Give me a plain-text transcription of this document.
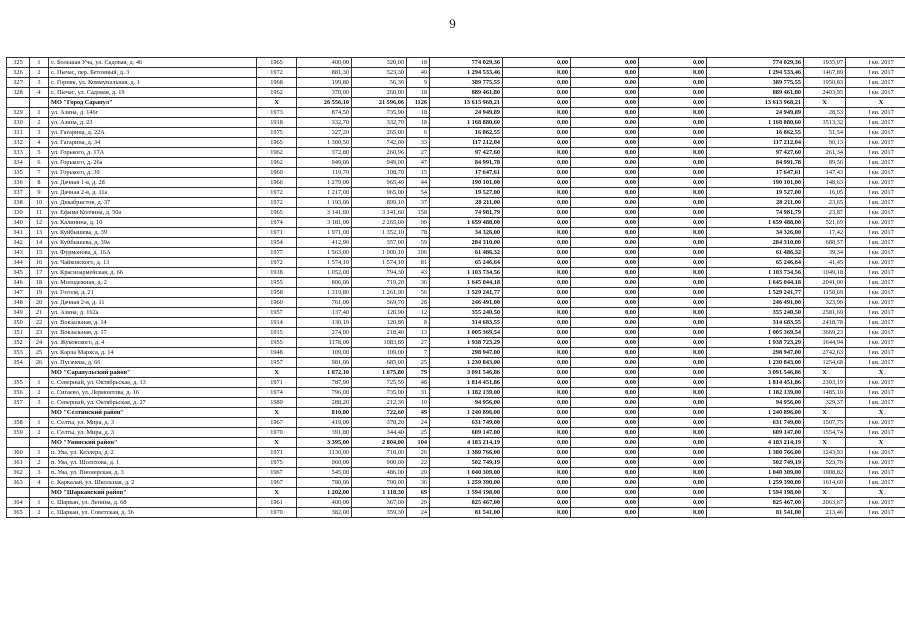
9
325	1	с. Большая Уча, ул. Садовая, д. 46	1965	400,00	320,00	18	774 029,36	0,00	0,00	0,00	774 029,36	1935,07	I кв. 2017
326	2	с. Пычас, пер. Бетонный, д. 3	1972	881,30	523,30	40	1 294 533,46	0,00	0,00	0,00	1 294 533,46	1467,89	I кв. 2017
327	3	с. Горняк, ул. Коммунальная, д. 1	1968	199,80	56,30	9	389 775,55	0,00	0,00	0,00	389 775,55	1950,83	I кв. 2017
328	4	с. Пычас, ул. Садовая, д. 19	1962	370,00	260,00	18	889 461,80	0,00	0,00	0,00	889 461,80	2403,95	I кв. 2017
		МО "Город Сарапул"	X	26 556,10	21 596,06	1126	13 613 968,21	0,00	0,00	0,00	13 613 968,21	X	X
329	1	ул. Азина, д. 146г	1973	874,50	735,90	18	24 949,89	0,00	0,00	0,00	24 949,89	28,53	I кв. 2017
330	2	ул. Азина, д. 23	1918	332,70	332,70	18	1 168 880,60	0,00	0,00	0,00	1 168 880,60	3513,32	I кв. 2017
331	3	ул. Гагарина, д. 22А	1975	327,20	265,00	6	16 862,55	0,00	0,00	0,00	16 862,55	51,54	I кв. 2017
332	4	ул. Гагарина, д. 34	1965	1 300,50	742,00	33	117 212,04	0,00	0,00	0,00	117 212,04	90,13	I кв. 2017
333	5	ул. Горького, д. 17А	1962	372,80	260,96	27	97 427,60	0,00	0,00	0,00	97 427,60	261,34	I кв. 2017
334	6	ул. Горького, д. 26а	1962	949,00	949,00	47	84 991,78	0,00	0,00	0,00	84 991,78	89,56	I кв. 2017
335	7	ул. Горького, д. 39	1969	119,70	108,70	15	17 647,61	0,00	0,00	0,00	17 647,61	147,43	I кв. 2017
336	8	ул. Дачная 1-я, д. 28	1966	1 279,00	965,40	44	190 101,00	0,00	0,00	0,00	190 101,00	148,63	I кв. 2017
337	9	ул. Дачная 2-я, д. 11а	1972	1 217,00	965,00	54	19 527,00	0,00	0,00	0,00	19 527,00	16,05	I кв. 2017
338	10	ул. Декабристов, д. 37	1972	1 193,00	899,10	37	28 211,00	0,00	0,00	0,00	28 211,00	23,65	I кв. 2017
339	11	ул. Ефима Колчина, д. 50а	1965	3 141,60	3 141,60	158	74 981,79	0,00	0,00	0,00	74 981,79	23,87	I кв. 2017
340	12	ул. Калинина, д. 10	1974	3 181,00	2 265,00	90	1 659 488,00	0,00	0,00	0,00	1 659 488,00	521,69	I кв. 2017
341	13	ул. Куйбышева, д. 39	1971	1 971,00	1 352,10	78	34 326,00	0,00	0,00	0,00	34 326,00	17,42	I кв. 2017
342	14	ул. Куйбышева, д. 39а	1954	412,90	357,00	59	284 310,00	0,00	0,00	0,00	284 310,00	688,57	I кв. 2017
343	15	ул. Фурманова, д. 16А	1977	1 563,00	1 000,10	106	61 486,32	0,00	0,00	0,00	61 486,32	39,34	I кв. 2017
344	16	ул. Чайковского, д. 13	1972	1 574,10	1 574,10	81	65 246,64	0,00	0,00	0,00	65 246,64	41,45	I кв. 2017
345	17	ул. Красноармейская, д. 66	1918	1 052,00	794,30	43	1 103 734,56	0,00	0,00	0,00	1 103 734,56	1049,18	I кв. 2017
346	18	ул. Молодежная, д. 2	1955	806,00	719,20	36	1 645 044,18	0,00	0,00	0,00	1 645 044,18	2041,00	I кв. 2017
347	19	ул. Гоголя, д. 21	1958	1 319,80	1 261,90	56	1 529 241,77	0,00	0,00	0,00	1 529 241,77	1158,69	I кв. 2017
348	20	ул. Дачная 2-я, д. 11	1960	761,00	569,70	28	246 491,00	0,00	0,00	0,00	246 491,00	323,90	I кв. 2017
349	21	ул. Азина, д. 162а	1957	137,40	120,90	12	355 240,50	0,00	0,00	0,00	355 240,50	2581,69	I кв. 2017
350	22	ул. Вокзальная, д. 14	1914	130,10	120,80	8	314 683,55	0,00	0,00	0,00	314 683,55	2418,78	I кв. 2017
351	23	ул. Вокзальная, д. 17	1915	274,00	218,40	13	1 005 369,54	0,00	0,00	0,00	1 005 369,54	3669,23	I кв. 2017
352	24	ул. Жуковского, д. 4	1955	1178,00	1083,80	27	1 938 723,29	0,00	0,00	0,00	1 938 723,29	1644,94	I кв. 2017
353	25	ул. Карла Маркса, д. 14	1948	109,00	109,00	7	298 947,00	0,00	0,00	0,00	298 947,00	2742,63	I кв. 2017
354	26	ул. Пугачева, д. 66	1957	981,00	685,00	25	1 230 843,00	0,00	0,00	0,00	1 230 843,00	1254,68	I кв. 2017
		МО "Сарапульский район"	X	1 872,10	1 675,80	79	3 091 546,86	0,00	0,00	0,00	3 091 546,86	X	X
355	1	с. Северный, ул. Октябрьская, д. 13	1971	787,90	725,50	48	1 814 451,86	0,00	0,00	0,00	1 814 451,86	2303,19	I кв. 2017
356	2	с. Сигаево, ул. Лермонтова, д. 16	1974	796,00	735,00	31	1 182 139,00	0,00	0,00	0,00	1 182 139,00	1485,10	I кв. 2017
357	3	с. Северный, ул. Октябрьская, д. 27	1989	288,20	212,30	10	94 956,00	0,00	0,00	0,00	94 956,00	329,37	I кв. 2017
		МО "Селтинский район"	X	810,80	722,60	49	1 240 896,00	0,00	0,00	0,00	1 240 896,00	X	X
358	1	с. Селты, ул. Мира, д. 3	1967	419,00	378,20	24	631 749,00	0,00	0,00	0,00	631 749,00	1507,75	I кв. 2017
359	2	с. Селты, ул. Мира, д. 3	1970	391,80	344,40	25	609 147,00	0,00	0,00	0,00	609 147,00	1554,74	I кв. 2017
		МО "Увинский район"	X	3 395,00	2 804,00	104	4 183 214,19	0,00	0,00	0,00	4 183 214,19	X	X
360	1	п. Ува, ул. Келлера, д. 2	1971	1130,00	718,00	26	1 380 766,00	0,00	0,00	0,00	1 380 766,00	1243,93	I кв. 2017
361	2	п. Ува, ул. Шолохова, д. 1	1975	960,00	900,00	22	502 749,19	0,00	0,00	0,00	502 749,19	523,70	I кв. 2017
362	3	п. Ува, ул. Пионерская, д. 3	1967	545,00	486,00	20	1 040 309,00	0,00	0,00	0,00	1 040 309,00	1908,82	I кв. 2017
363	4	с. Каркалай, ул. Школьная, д. 2	1967	780,00	700,00	36	1 259 390,00	0,00	0,00	0,00	1 259 390,00	1614,60	I кв. 2017
		МО "Шарканский район"	X	1 202,00	1 118,30	69	1 594 198,00	0,00	0,00	0,00	1 594 198,00	X	X
364	1	с. Шаркан, ул. Ленина, д. 68	1961	400,00	367,00	20	825 467,00	0,00	0,00	0,00	825 467,00	2063,67	I кв. 2017
365	2	с. Шаркан, ул. Советская, д. 36	1970	382,00	359,30	24	81 541,00	0,00	0,00	0,00	81 541,00	213,46	I кв. 2017
